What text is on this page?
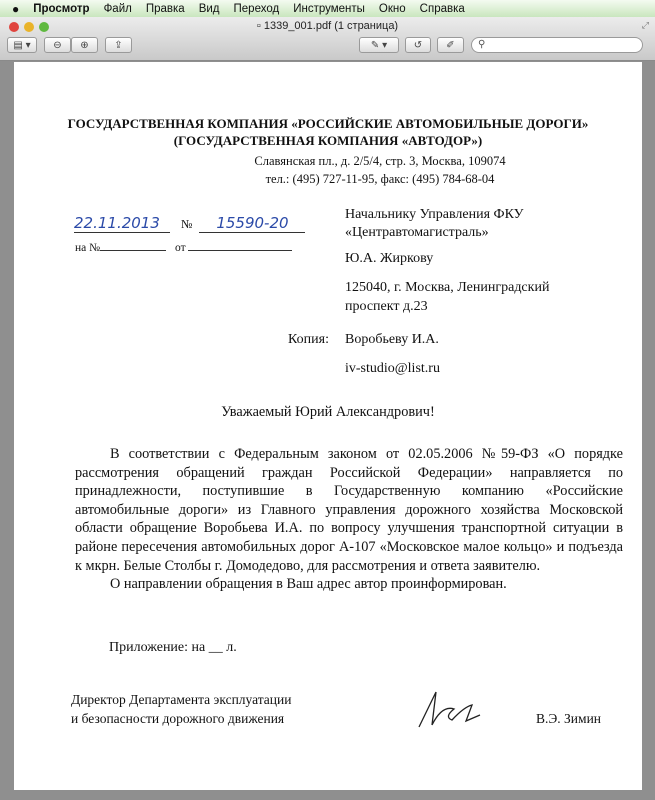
● Просмотр Файл Правка Вид Переход Инструменты Окно Справка
▫ 1339_001.pdf (1 страница)	⤢
▤ ▾	⊖	⊕	⇪	✎ ▾	↺	✐	⚲
ГОСУДАРСТВЕННАЯ КОМПАНИЯ «РОССИЙСКИЕ АВТОМОБИЛЬНЫЕ ДОРОГИ»
(ГОСУДАРСТВЕННАЯ КОМПАНИЯ «АВТОДОР»)
Славянская пл., д. 2/5/4, стр. 3, Москва, 109074
тел.: (495) 727-11-95, факс: (495) 784-68-04
22.11.2013 № 15590-20
на №	от
Начальнику Управления ФКУ
«Центравтомагистраль»
Ю.А. Жиркову
125040, г. Москва, Ленинградский
проспект д.23
Копия: Воробьеву И.А.
iv-studio@list.ru
Уважаемый Юрий Александрович!

В соответствии с Федеральным законом от 02.05.2006 №59-ФЗ «О порядке рассмотрения обращений граждан Российской Федерации» направляется по принадлежности, поступившие в Государственную компанию «Российские автомобильные дороги» из Главного управления дорожного хозяйства Московской области обращение Воробьева И.А. по вопросу улучшения транспортной ситуации в районе пересечения автомобильных дорог А-107 «Московское малое кольцо» и подъезда к мкрн. Белые Столбы г. Домодедово, для рассмотрения и ответа заявителю.

О направлении обращения в Ваш адрес автор проинформирован.

Приложение: на __ л.
Директор Департамента эксплуатации
и безопасности дорожного движения	В.Э. Зимин
